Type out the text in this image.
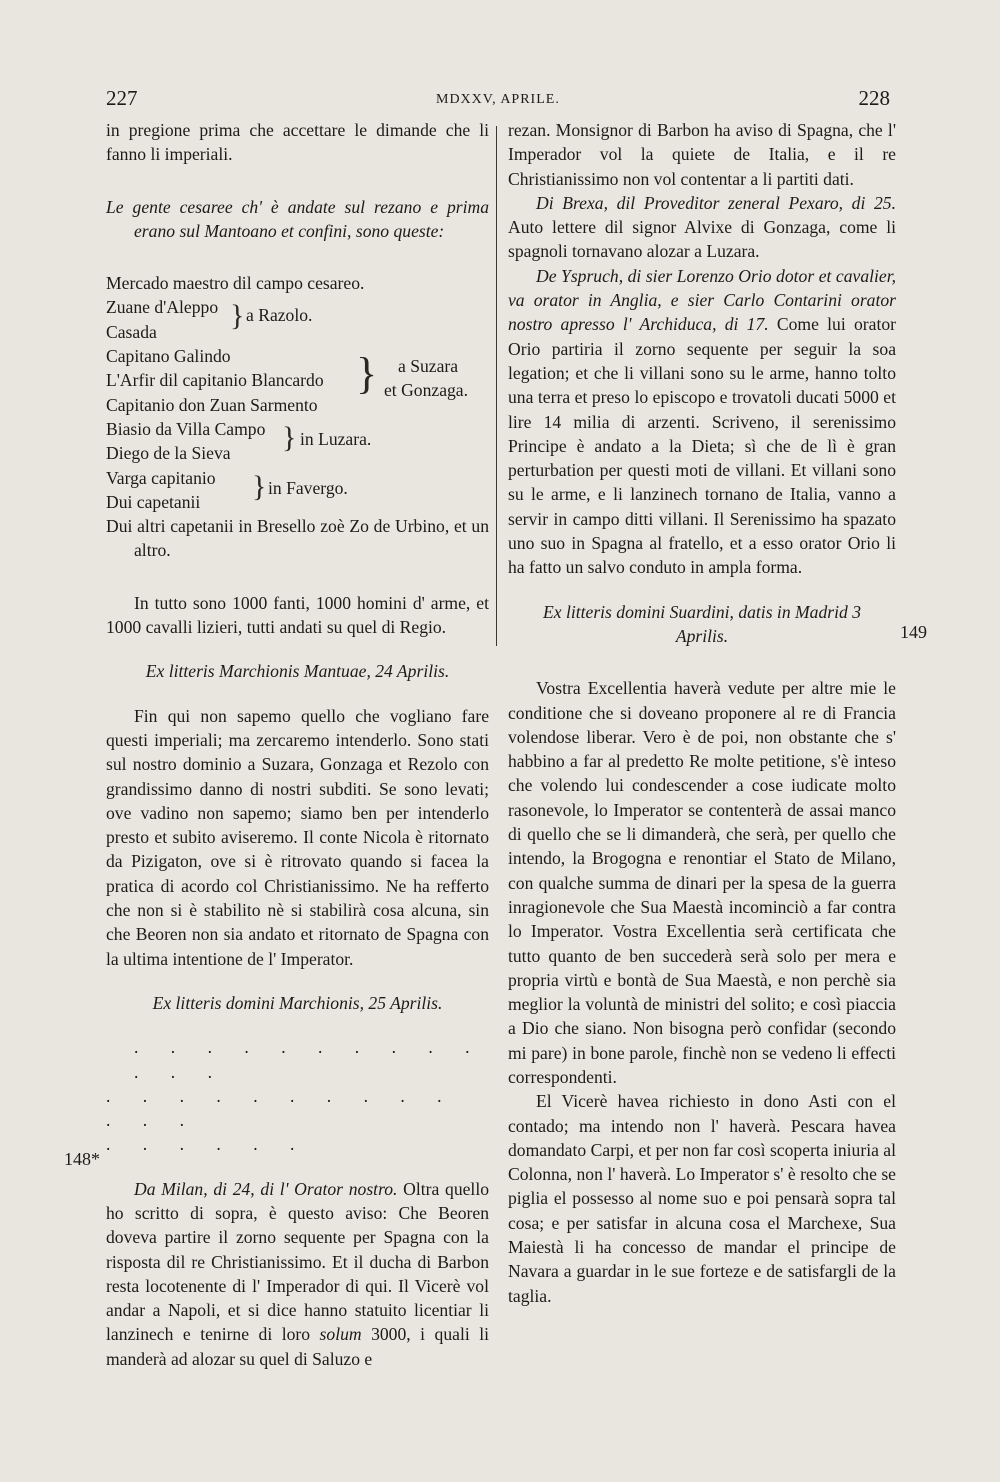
227	MDXXV, APRILE.	228
148*
149

in pregione prima che accettare le dimande che li fanno li imperiali.

Le gente cesaree ch' è andate sul rezano e prima erano sul Mantoano et confini, sono queste:

Mercado maestro dil campo cesareo.

Zuane d'Aleppo
Casada	} a Razolo.
Capitano Galindo
L'Arfir dil capitanio Blancardo
Capitanio don Zuan Sarmento
} a Suzara
et Gonzaga.
Biasio da Villa Campo
Diego de la Sieva	} in Luzara.
Varga capitanio
Dui capetanii	} in Favergo.

Dui altri capetanii in Bresello zoè Zo de Urbino, et un altro.

In tutto sono 1000 fanti, 1000 homini d' arme, et 1000 cavalli lizieri, tutti andati su quel di Regio.

Ex litteris Marchionis Mantuae, 24 Aprilis.

Fin qui non sapemo quello che vogliano fare questi imperiali; ma zercaremo intenderlo. Sono stati sul nostro dominio a Suzara, Gonzaga et Rezolo con grandissimo danno di nostri subditi. Se sono levati; ove vadino non sapemo; siamo ben per intenderlo presto et subito aviseremo. Il conte Nicola è ritornato da Pizigaton, ove si è ritrovato quando si facea la pratica di acordo col Christianissimo. Ne ha refferto che non si è stabilito nè si stabilirà cosa alcuna, sin che Beoren non sia andato et ritornato de Spagna con la ultima intentione de l' Imperator.

Ex litteris domini Marchionis, 25 Aprilis.

. . . . . . . . . . . . .

. . . . . . . . . . . . .

. . . . . .

Da Milan, di 24, di l' Orator nostro. Oltra quello ho scritto di sopra, è questo aviso: Che Beoren doveva partire il zorno sequente per Spagna con la risposta dil re Christianissimo. Et il ducha di Barbon resta locotenente di l' Imperador di qui. Il Vicerè vol andar a Napoli, et si dice hanno statuito licentiar li lanzinech e tenirne di loro solum 3000, i quali li manderà ad alozar su quel di Saluzo e

rezan. Monsignor di Barbon ha aviso di Spagna, che l' Imperador vol la quiete de Italia, e il re Christianissimo non vol contentar a li partiti dati.

Di Brexa, dil Proveditor zeneral Pexaro, di 25. Auto lettere dil signor Alvixe di Gonzaga, come li spagnoli tornavano alozar a Luzara.

De Yspruch, di sier Lorenzo Orio dotor et cavalier, va orator in Anglia, e sier Carlo Contarini orator nostro apresso l' Archiduca, di 17. Come lui orator Orio partiria il zorno sequente per seguir la soa legation; et che li villani sono su le arme, hanno tolto una terra et preso lo episcopo e trovatoli ducati 5000 et lire 14 milia di arzenti. Scriveno, il serenissimo Principe è andato a la Dieta; sì che de lì è gran perturbation per questi moti de villani. Et villani sono su le arme, e li lanzinech tornano de Italia, vanno a servir in campo ditti villani. Il Serenissimo ha spazato uno suo in Spagna al fratello, et a esso orator Orio li ha fatto un salvo conduto in ampla forma.

Ex litteris domini Suardini, datis in Madrid 3 Aprilis.

Vostra Excellentia haverà vedute per altre mie le conditione che si doveano proponere al re di Francia volendose liberar. Vero è de poi, non obstante che s' habbino a far al predetto Re molte petitione, s'è inteso che volendo lui condescender a cose iudicate molto rasonevole, lo Imperator se contenterà de assai manco di quello che se li dimanderà, che serà, per quello che intendo, la Brogogna e renontiar el Stato de Milano, con qualche summa de dinari per la spesa de la guerra inragionevole che Sua Maestà incominciò a far contra lo Imperator. Vostra Excellentia serà certificata che tutto quanto de ben succederà serà solo per mera e propria virtù e bontà de Sua Maestà, e non perchè sia meglior la voluntà de ministri del solito; e così piaccia a Dio che siano. Non bisogna però confidar (secondo mi pare) in bone parole, finchè non se vedeno li effecti correspondenti.

El Vicerè havea richiesto in dono Asti con el contado; ma intendo non l' haverà. Pescara havea domandato Carpi, et per non far così scoperta iniuria al Colonna, non l' haverà. Lo Imperator s' è resolto che se piglia el possesso al nome suo e poi pensarà sopra tal cosa; e per satisfar in alcuna cosa el Marchexe, Sua Maiestà li ha concesso de mandar el principe de Navara a guardar in le sue forteze e de satisfargli de la taglia.
